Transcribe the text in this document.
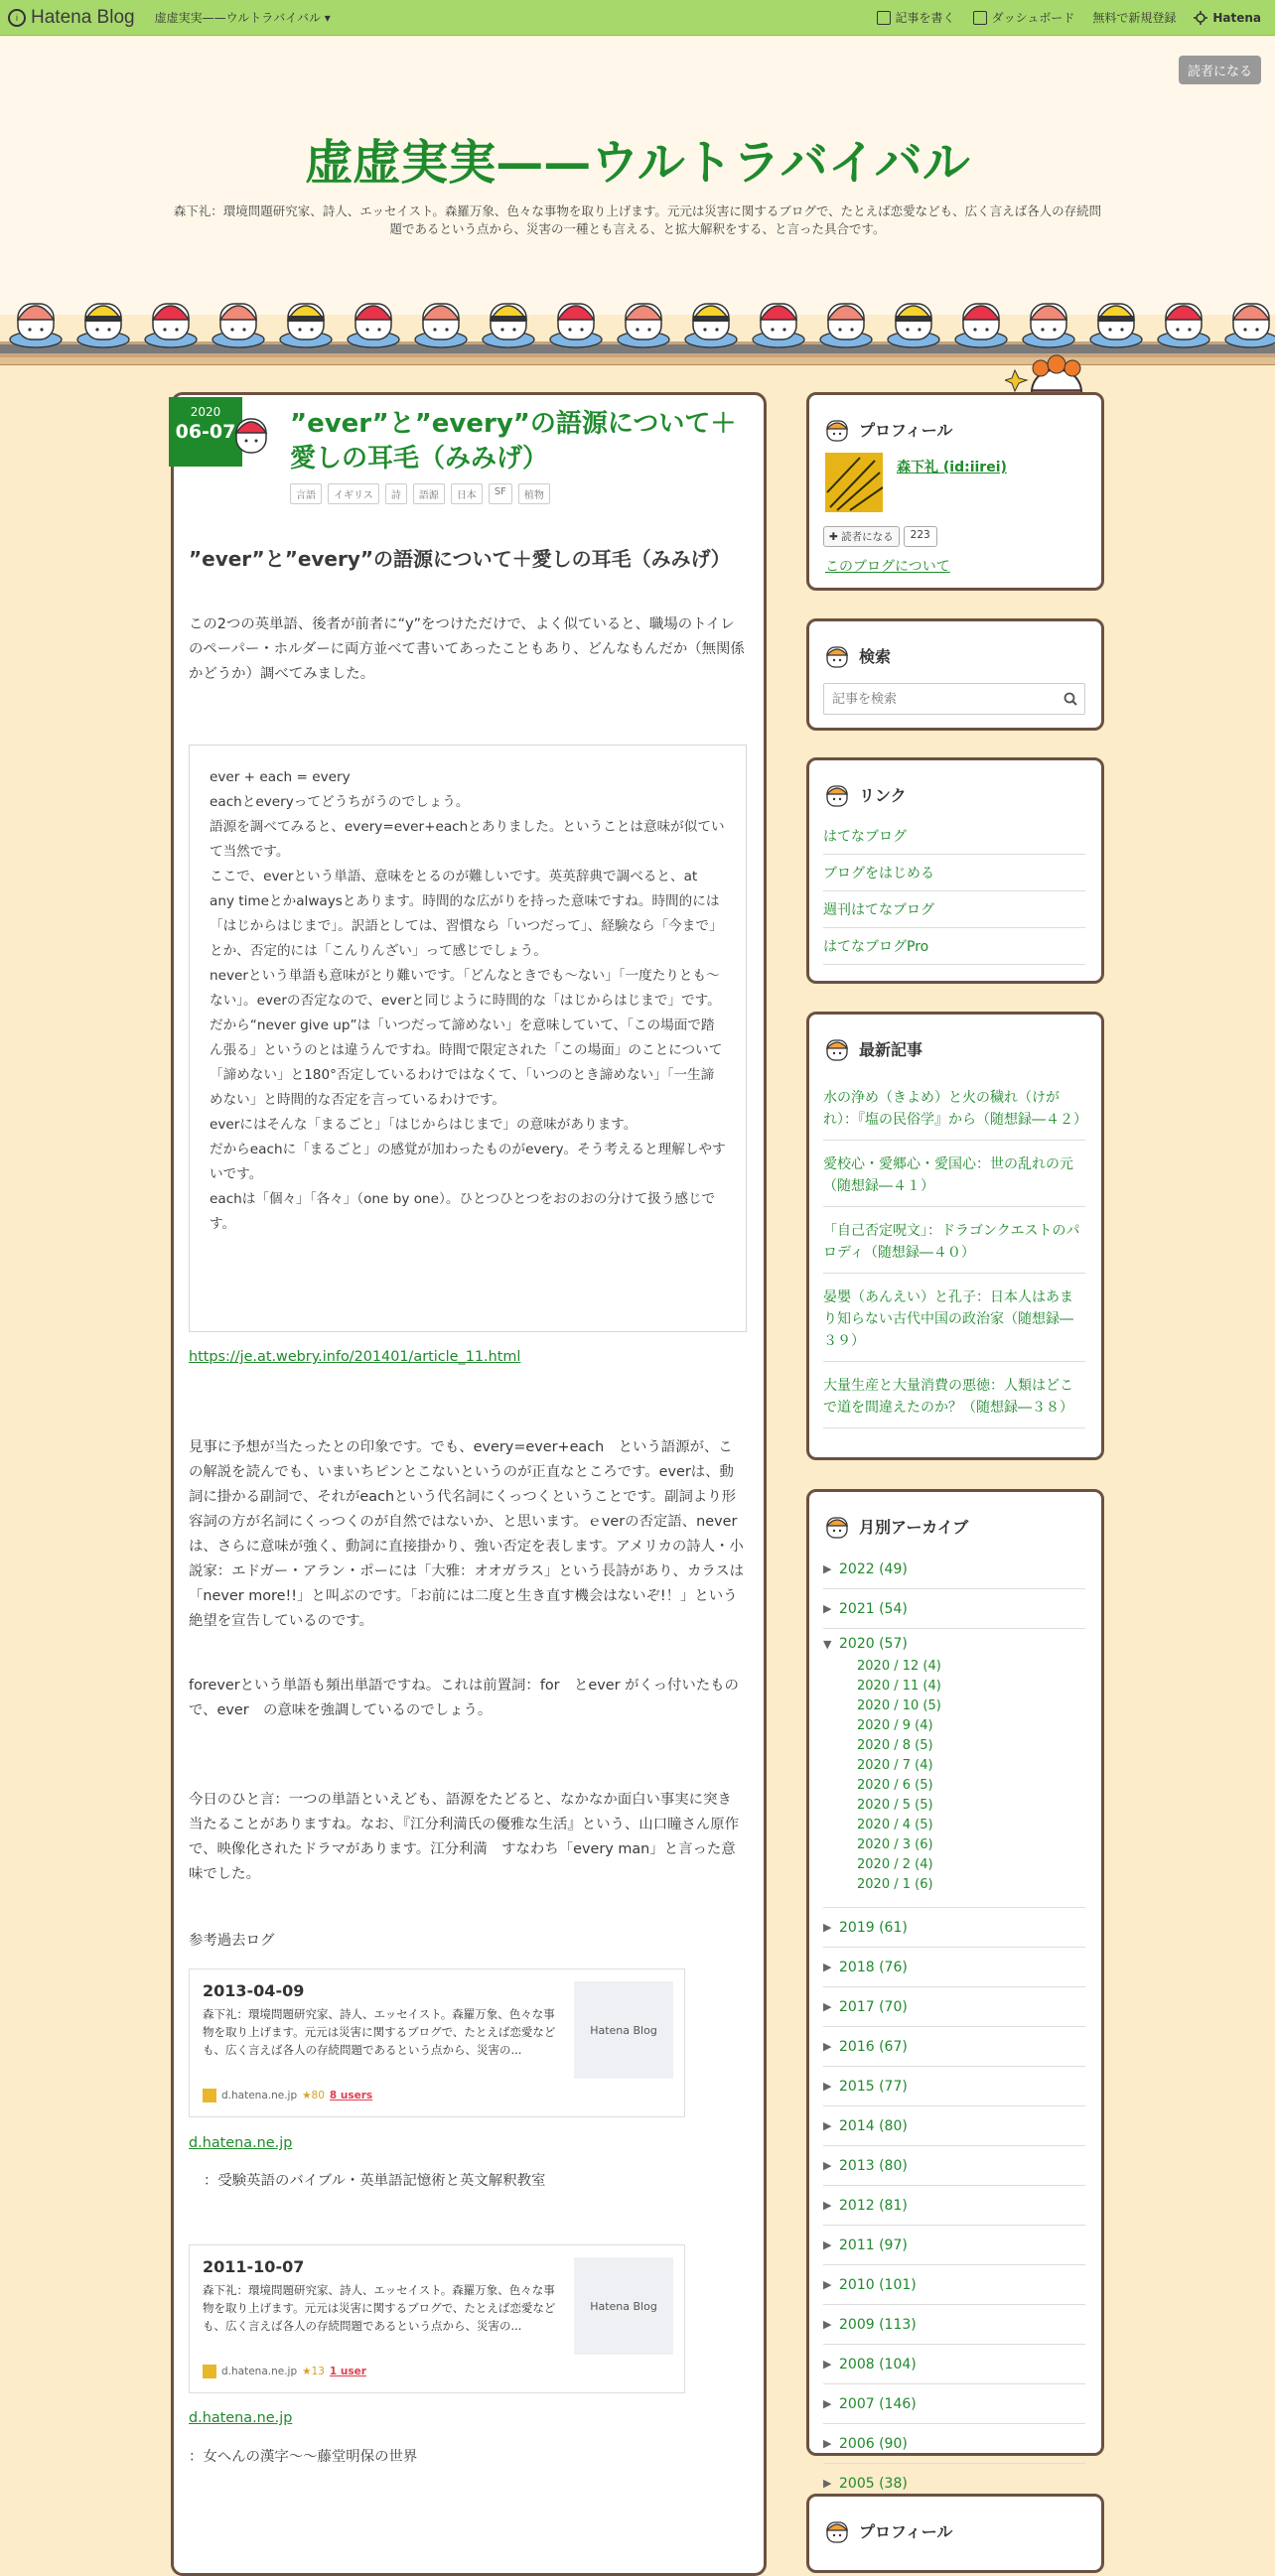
i Hatena Blog 虚虚実実——ウルトラバイバル ▾	記事を書く	ダッシュボード 無料で新規登録	Hatena
虚虚実実——ウルトラバイバル
森下礼：環境問題研究家、詩人、エッセイスト。森羅万象、色々な事物を取り上げます。元元は災害に関するブログで、たとえば恋愛なども、広く言えば各人の存続問題であるという点から、災害の一種とも言える、と拡大解釈をする、と言った具合です。
読者になる
2020
06-07 ”ever”と”every”の語源について＋愛しの耳毛（みみげ）
言語	イギリス	詩	語源	日本	SF	植物
”ever”と”every”の語源について＋愛しの耳毛（みみげ）
この2つの英単語、後者が前者に“y”をつけただけで、よく似ていると、職場のトイレのペーパー・ホルダーに両方並べて書いてあったこともあり、どんなもんだか（無関係かどうか）調べてみました。

ever + each = every

eachとeveryってどうちがうのでしょう。

語源を調べてみると、every=ever+eachとありました。ということは意味が似ていて当然です。

ここで、everという単語、意味をとるのが難しいです。英英辞典で調べると、at any timeとかalwaysとあります。時間的な広がりを持った意味ですね。時間的には「はじからはじまで」。訳語としては、習慣なら「いつだって」、経験なら「今まで」とか、否定的には「こんりんざい」って感じでしょう。

neverという単語も意味がとり難いです。「どんなときでも～ない」「一度たりとも～ない」。everの否定なので、everと同じように時間的な「はじからはじまで」です。

だから“never give up”は「いつだって諦めない」を意味していて、「この場面で踏ん張る」というのとは違うんですね。時間で限定された「この場面」のことについて「諦めない」と180°否定しているわけではなくて、「いつのとき諦めない」「一生諦めない」と時間的な否定を言っているわけです。

everにはそんな「まるごと」「はじからはじまで」の意味があります。

だからeachに「まるごと」の感覚が加わったものがevery。そう考えると理解しやすいです。

eachは「個々」「各々」（one by one）。ひとつひとつをおのおの分けて扱う感じです。

https://je.at.webry.info/201401/article_11.html
見事に予想が当たったとの印象です。でも、every=ever+each　という語源が、この解説を読んでも、いまいちピンとこないというのが正直なところです。everは、動詞に掛かる副詞で、それがeachという代名詞にくっつくということです。副詞より形容詞の方が名詞にくっつくのが自然ではないか、と思います。ｅverの否定語、neverは、さらに意味が強く、動詞に直接掛かり、強い否定を表します。アメリカの詩人・小説家：エドガー・アラン・ポーには「大雅：オオガラス」という長詩があり、カラスは「never more!!」と叫ぶのです。「お前には二度と生き直す機会はないぞ!！」という絶望を宣告しているのです。
foreverという単語も頻出単語ですね。これは前置詞：for　とever がくっ付いたもので、ever　の意味を強調しているのでしょう。
今日のひと言：一つの単語といえども、語源をたどると、なかなか面白い事実に突き当たることがありますね。なお、『江分利満氏の優雅な生活』という、山口瞳さん原作で、映像化されたドラマがあります。江分利満　すなわち「every man」と言った意味でした。
参考過去ログ
2013-04-09
森下礼：環境問題研究家、詩人、エッセイスト。森羅万象、色々な事物を取り上げます。元元は災害に関するブログで、たとえば恋愛なども、広く言えば各人の存続問題であるという点から、災害の...
Hatena Blog
d.hatena.ne.jp ★80 8 users
d.hatena.ne.jp
：受験英語のバイブル・英単語記憶術と英文解釈教室
2011-10-07
森下礼：環境問題研究家、詩人、エッセイスト。森羅万象、色々な事物を取り上げます。元元は災害に関するブログで、たとえば恋愛なども、広く言えば各人の存続問題であるという点から、災害の...
Hatena Blog
d.hatena.ne.jp ★13 1 user
d.hatena.ne.jp
：女へんの漢字～～藤堂明保の世界
プロフィール
森下礼 (id:iirei)
✚ 読者になる	223
このブログについて
検索
記事を検索
リンク
はてなブログ
ブログをはじめる
週刊はてなブログ
はてなブログPro
最新記事
水の浄め（きよめ）と火の穢れ（けがれ）：『塩の民俗学』から（随想録―４２）
愛校心・愛郷心・愛国心：世の乱れの元（随想録―４１）
「自己否定呪文」：ドラゴンクエストのパロディ（随想録―４０）
晏嬰（あんえい）と孔子：日本人はあまり知らない古代中国の政治家（随想録―３９）
大量生産と大量消費の悪徳：人類はどこで道を間違えたのか？（随想録―３８）
月別アーカイブ
▶ 2022 (49)
▶ 2021 (54)
▼ 2020 (57)
2020 / 12 (4)
2020 / 11 (4)
2020 / 10 (5)
2020 / 9 (4)
2020 / 8 (5)
2020 / 7 (4)
2020 / 6 (5)
2020 / 5 (5)
2020 / 4 (5)
2020 / 3 (6)
2020 / 2 (4)
2020 / 1 (6)
▶ 2019 (61)
▶ 2018 (76)
▶ 2017 (70)
▶ 2016 (67)
▶ 2015 (77)
▶ 2014 (80)
▶ 2013 (80)
▶ 2012 (81)
▶ 2011 (97)
▶ 2010 (101)
▶ 2009 (113)
▶ 2008 (104)
▶ 2007 (146)
▶ 2006 (90)
▶ 2005 (38)
プロフィール
